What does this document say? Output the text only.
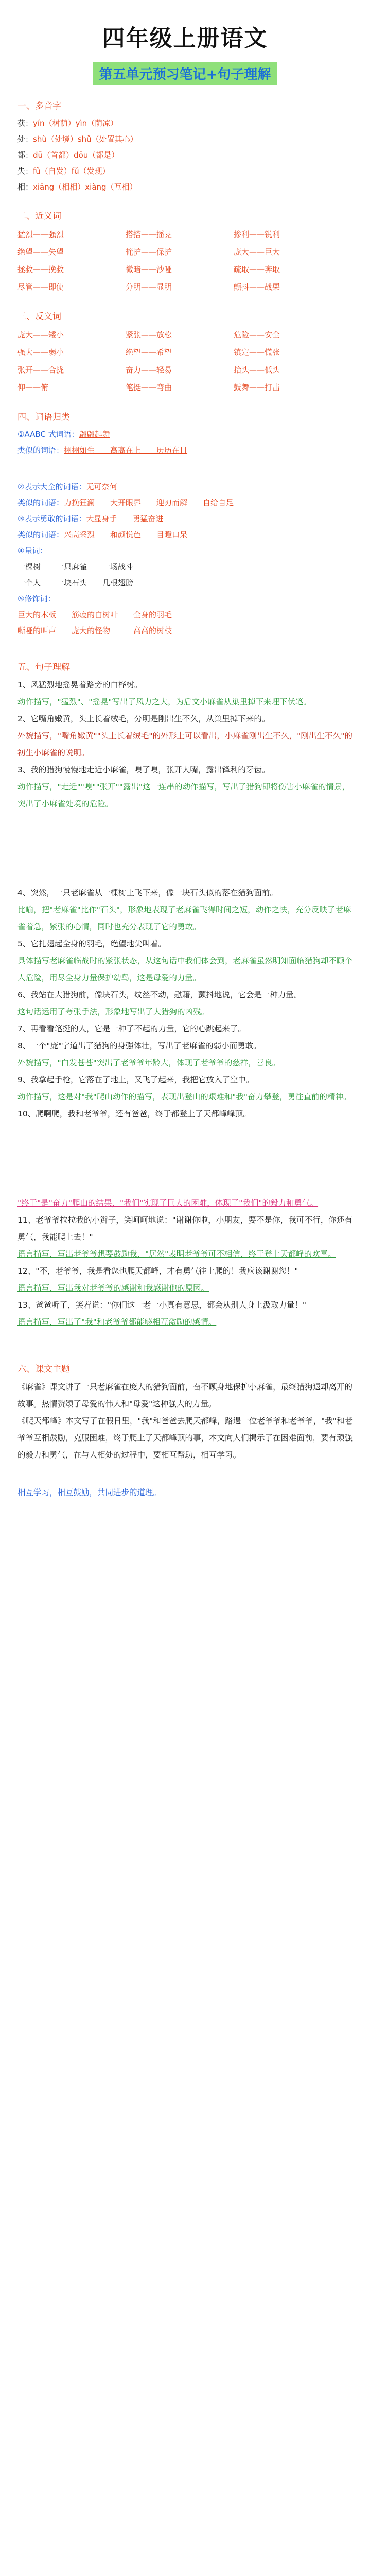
四年级上册语文
第五单元预习笔记+句子理解
一、多音字
获：yín（树荫）yìn（荫凉）
处：shù（处境）shǔ（处置其心）
都：dū（首都）dōu（都是）
失：fǔ（自发）fǔ（发现）
相：xiāng（相相）xiàng（互相）
二、近义词
猛烈——强烈	搭搭——摇晃	掺利——锐利
绝望——失望	掩护——保护	庞大——巨大
拯救——挽救	微暗——沙哑	疏取——奔取
尽管——即使	分明——显明	颤抖——战栗
三、反义词
庞大——矮小	紧张——放松	危险——安全
强大——弱小	绝望——希望	镇定——慌张
张开——合拢	奋力——轻易	抬头——低头
仰——俯	笔挺——弯曲	鼓舞——打击
四、词语归类
①AABC 式词语：翩翩起舞
类似的词语：栩栩如生　　高高在上　　历历在目
②表示大全的词语：无可奈何
类似的词语：力挽狂澜　　大开眼界　　迎刃而解　　自给自足
③表示勇敢的词语：大显身手　　勇猛奋进
类似的词语：兴高采烈　　和颜悦色　　目瞪口呆
④量词：
一棵树　　一只麻雀　　一场战斗
一个人　　一块石头　　几根翅膀
⑤修饰词：
巨大的木板　　筋疲的白树叶　　全身的羽毛
嘶哑的叫声　　庞大的怪物　　　高高的树枝
五、句子理解
1、风猛烈地摇晃着路旁的白桦树。
动作描写，"猛烈"、"摇晃"写出了风力之大，为后文小麻雀从巢里掉下来埋下伏笔。
2、它嘴角嫩黄，头上长着绒毛，分明是刚出生不久，从巢里掉下来的。
外貌描写，"嘴角嫩黄""头上长着绒毛"的外形上可以看出，小麻雀刚出生不久，"刚出生不久"的初生小麻雀的说明。
3、我的猎狗慢慢地走近小麻雀，嗅了嗅，张开大嘴，露出锋利的牙齿。
动作描写，"走近""嗅""张开""露出"这一连串的动作描写，写出了猎狗即将伤害小麻雀的情景，突出了小麻雀处境的危险。
4、突然，一只老麻雀从一棵树上飞下来，像一块石头似的落在猎狗面前。
比喻，把"老麻雀"比作"石头"，形象地表现了老麻雀飞得时间之短，动作之快，充分反映了老麻雀着急，紧张的心情，同时也充分表现了它的勇敢。
5、它扎翅起全身的羽毛，绝望地尖叫着。
具体描写老麻雀临战时的紧张状态，从这句话中我们体会到，老麻雀虽然明知面临猎狗却不顾个人危险，用尽全身力量保护幼鸟，这是母爱的力量。
6、我站在大猎狗前，像块石头，纹丝不动，慰藉，颤抖地说，它会是一种力量。
这句话运用了夸张手法，形象地写出了大猎狗的凶残。
7、再看看笔挺的人，它是一种了不起的力量，它的心跳起来了。
8、一个"庞"字道出了猎狗的身强体壮，写出了老麻雀的弱小而勇敢。
外貌描写，"白发苍苍"突出了老爷爷年龄大，体现了老爷爷的慈祥，善良。
9、我拿起手枪，它落在了地上，又飞了起来，我把它放入了空中。
动作描写，这是对"我"爬山动作的描写，表现出登山的艰难和"我"奋力攀登，勇往直前的精神。
10、爬啊爬，我和老爷爷，还有爸爸，终于都登上了天都峰峰顶。
"终于"是"奋力"爬山的结果，"我们"实现了巨大的困难，体现了"我们"的毅力和勇气。
11、老爷爷拉拉我的小辫子，笑呵呵地说："谢谢你啦，小朋友，要不是你，我可不行，你还有勇气，我能爬上去！"
语言描写，写出老爷爷想要鼓励我，"居然"表明老爷爷可不相信，终于登上天都峰的欢喜。
12、"不，老爷爷，我是看您也爬天都峰，才有勇气往上爬的！我应该谢谢您！"
语言描写，写出我对老爷爷的感谢和我感谢他的原因。
13、爸爸听了，笑着说："你们这一老一小真有意思，都会从别人身上汲取力量！"
语言描写，写出了"我"和老爷爷都能够相互激励的感情。
六、课文主题
《麻雀》课文讲了一只老麻雀在庞大的猎狗面前，奋不顾身地保护小麻雀，最终猎狗退却离开的故事。热情赞颂了母爱的伟大和"母爱"这种强大的力量。
《爬天都峰》本文写了在假日里，"我"和爸爸去爬天都峰，路遇一位老爷爷和老爷爷，"我"和老爷爷互相鼓励，克服困难，终于爬上了天都峰顶的事，本文向人们揭示了在困难面前，要有顽强的毅力和勇气，在与人相处的过程中，要相互帮助，相互学习。
相互学习，相互鼓励，共同进步的道理。
